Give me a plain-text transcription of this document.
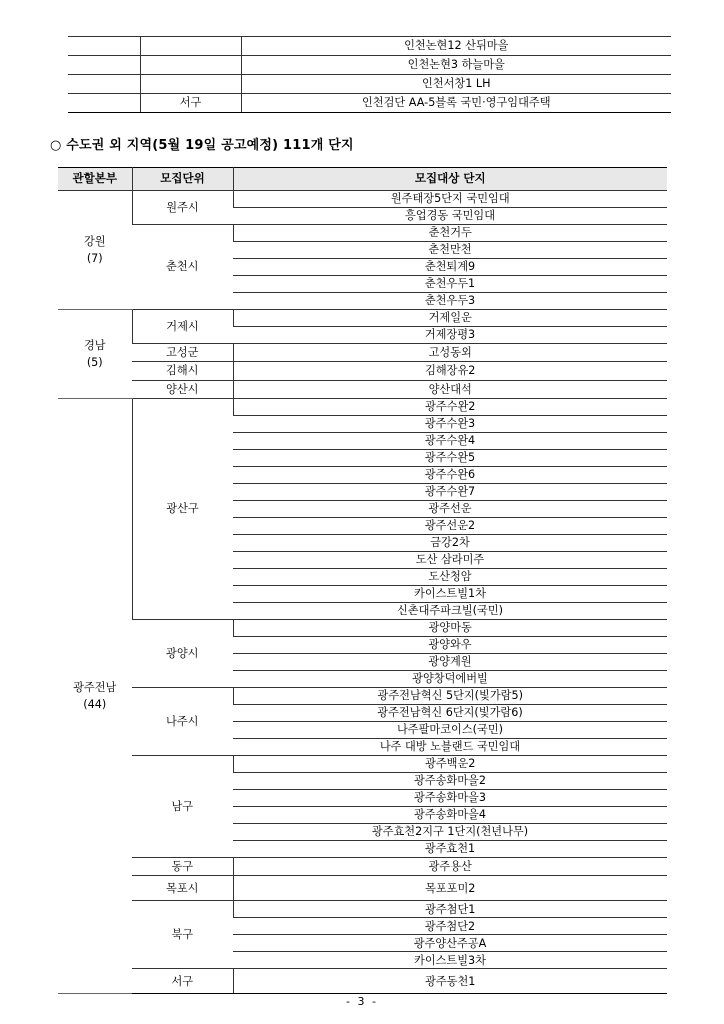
		인천논현12 산뒤마을
		인천논현3 하늘마을
		인천서창1 LH
	서구	인천검단 AA-5블록 국민·영구임대주택
○ 수도권 외 지역(5월 19일 공고예정) 111개 단지
관할본부	모집단위	모집대상 단지
강원
(7)	원주시	원주태장5단지 국민임대
		흥업경동 국민임대
	춘천시	춘천거두
		춘천만천
		춘천퇴계9
		춘천우두1
		춘천우두3
경남
(5)	거제시	거제일운
		거제장평3
	고성군	고성동외
	김해시	김해장유2
	양산시	양산대석
광주전남
(44)	광산구	광주수완2
		광주수완3
		광주수완4
		광주수완5
		광주수완6
		광주수완7
		광주선운
		광주선운2
		금강2차
		도산 삼라미주
		도산청암
		카이스트빌1차
		신촌대주파크빌(국민)
	광양시	광양마동
		광양와우
		광양계원
		광양창덕에버빌
	나주시	광주전남혁신 5단지(빛가람5)
		광주전남혁신 6단지(빛가람6)
		나주팔마코이스(국민)
		나주 대방 노블랜드 국민임대
	남구	광주백운2
		광주송화마을2
		광주송화마을3
		광주송화마을4
		광주효천2지구 1단지(천년나무)
		광주효천1
	동구	광주용산
	목포시	목포포미2
	북구	광주첨단1
		광주첨단2
		광주양산주공A
		카이스트빌3차
	서구	광주동천1
- 3 -
